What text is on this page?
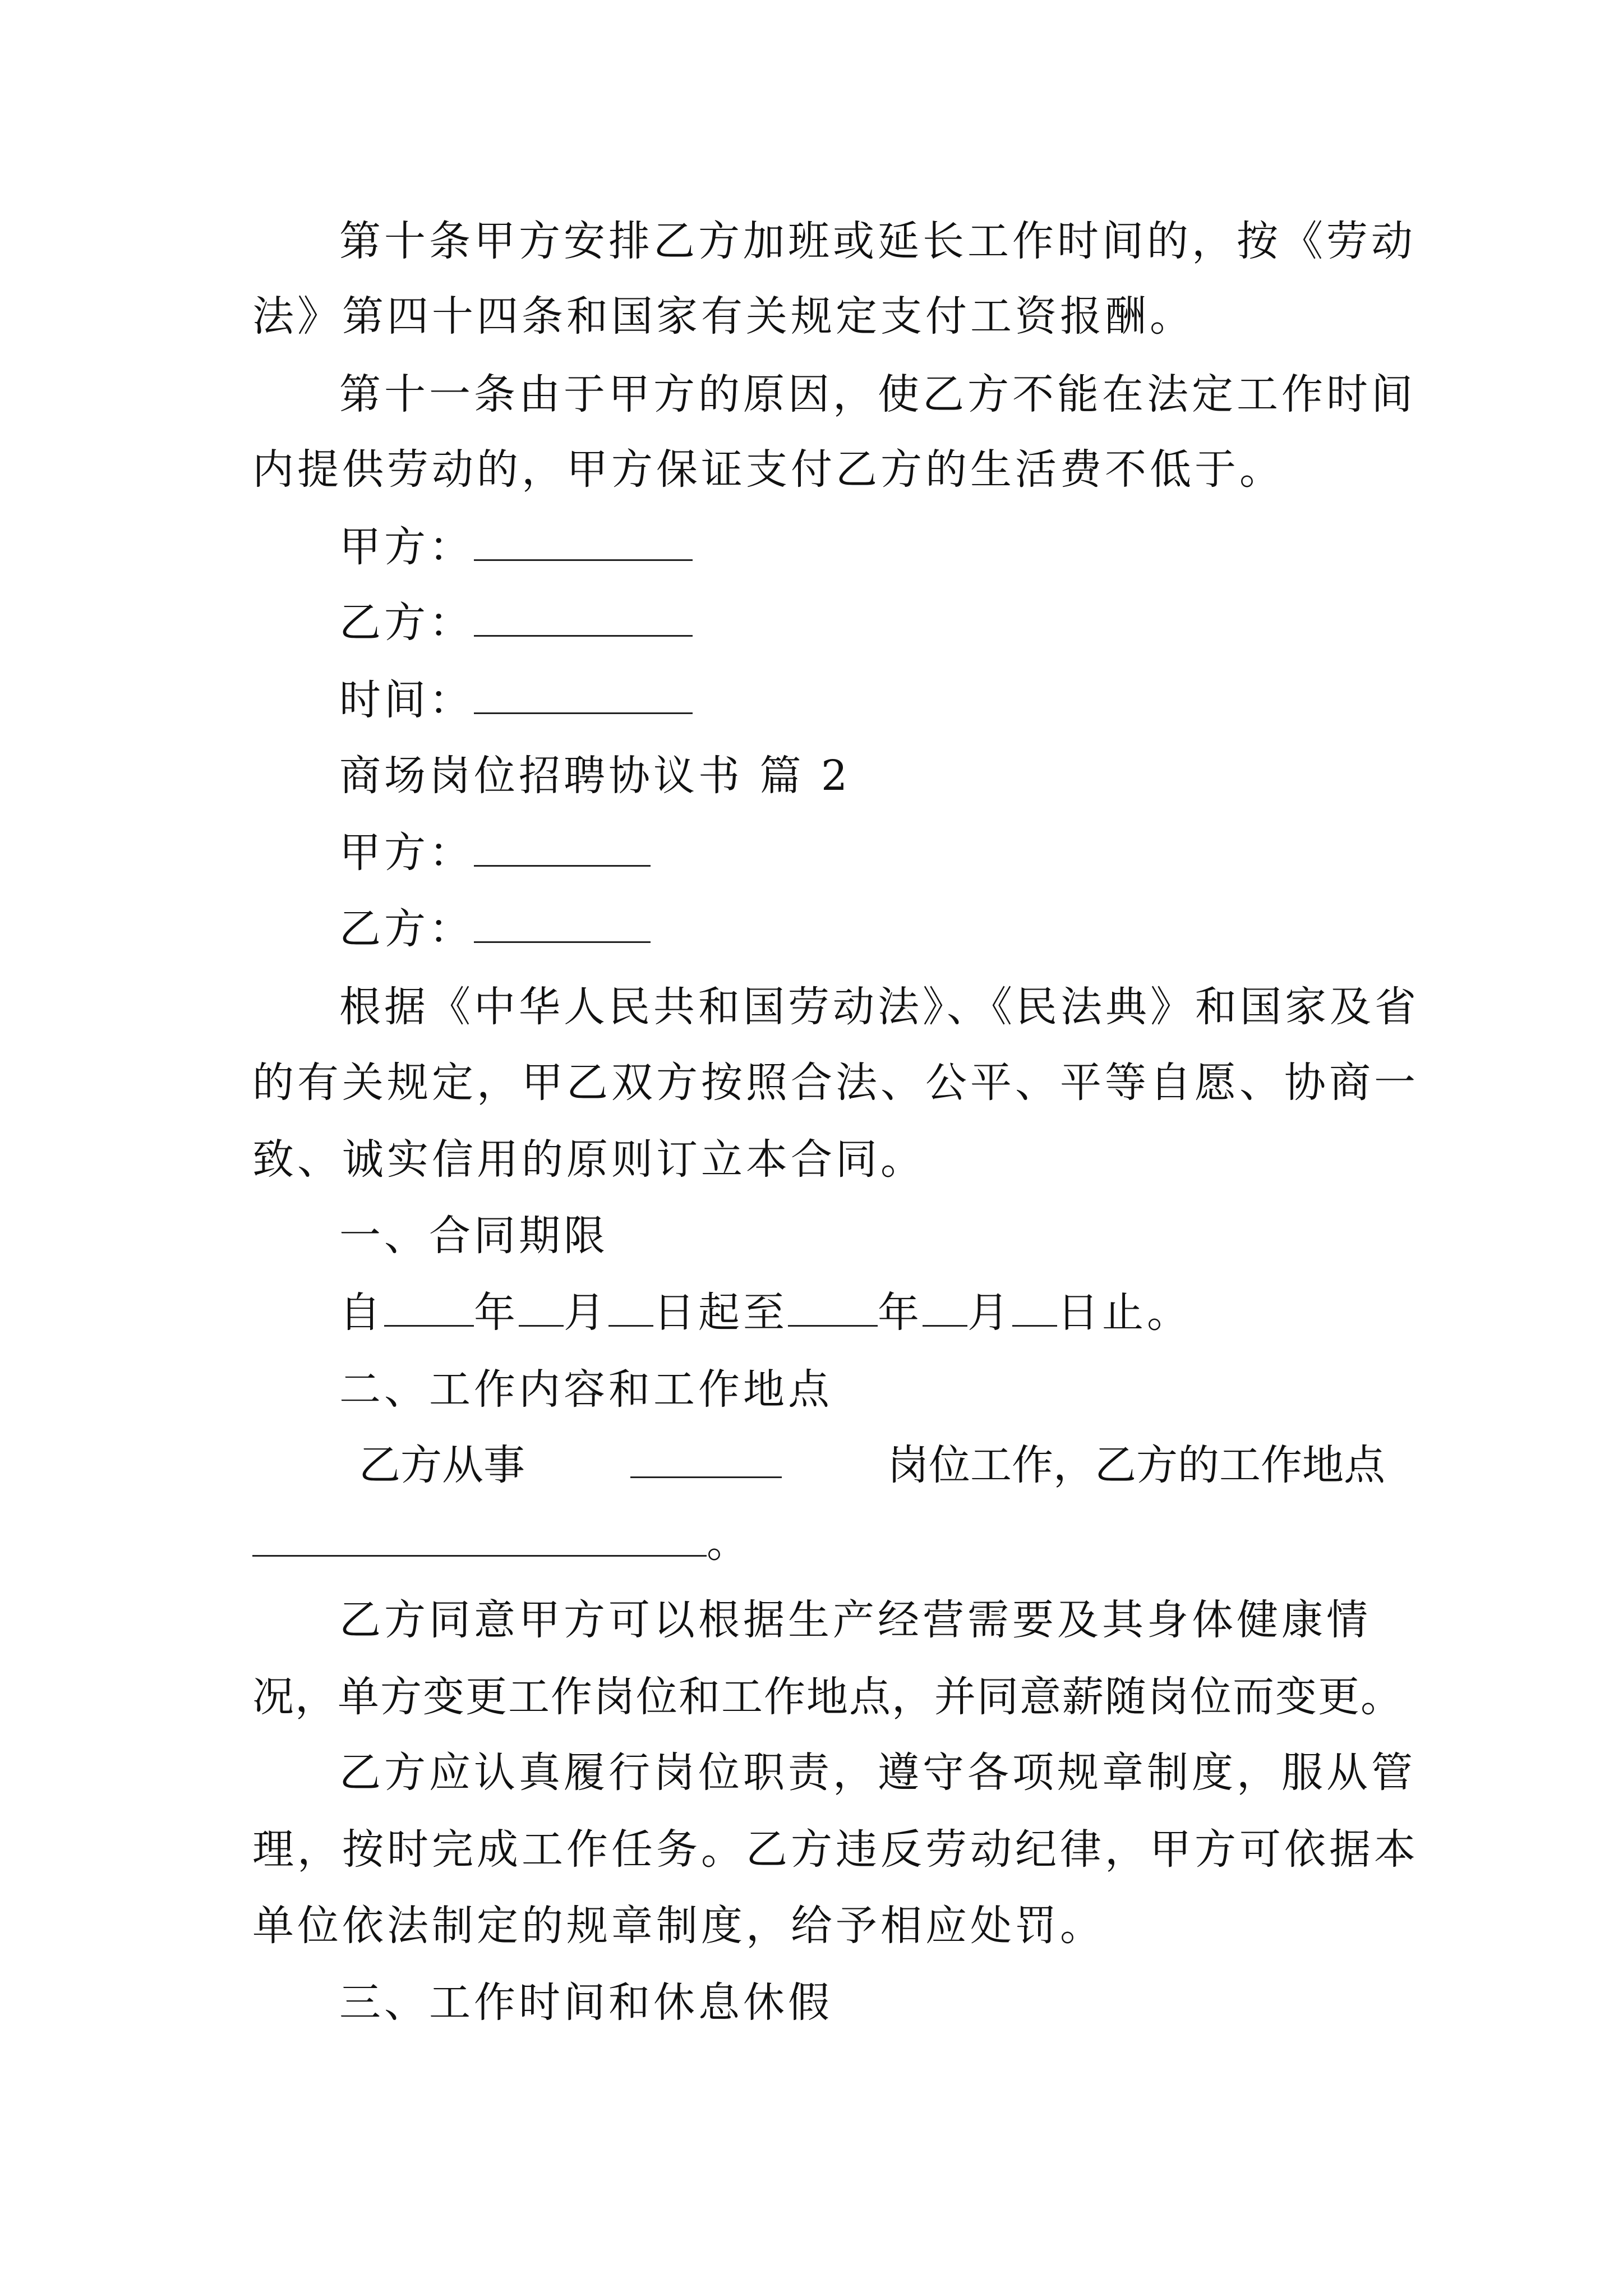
第十条甲方安排乙方加班或延长工作时间的，按《劳动

法》第四十四条和国家有关规定支付工资报酬。

第十一条由于甲方的原因，使乙方不能在法定工作时间

内提供劳动的，甲方保证支付乙方的生活费不低于。

甲方：

乙方：

时间：

商场岗位招聘协议书 篇 2

甲方：

乙方：

根据《中华人民共和国劳动法》、《民法典》和国家及省

的有关规定，甲乙双方按照合法、公平、平等自愿、协商一

致、诚实信用的原则订立本合同。

一、合同期限

自 年 月 日起至 年 月 日止。

二、工作内容和工作地点

乙方从事	岗位工作，乙方的工作地点

。

乙方同意甲方可以根据生产经营需要及其身体健康情

况，单方变更工作岗位和工作地点，并同意薪随岗位而变更。

乙方应认真履行岗位职责，遵守各项规章制度，服从管

理，按时完成工作任务。乙方违反劳动纪律，甲方可依据本

单位依法制定的规章制度，给予相应处罚。

三、工作时间和休息休假
